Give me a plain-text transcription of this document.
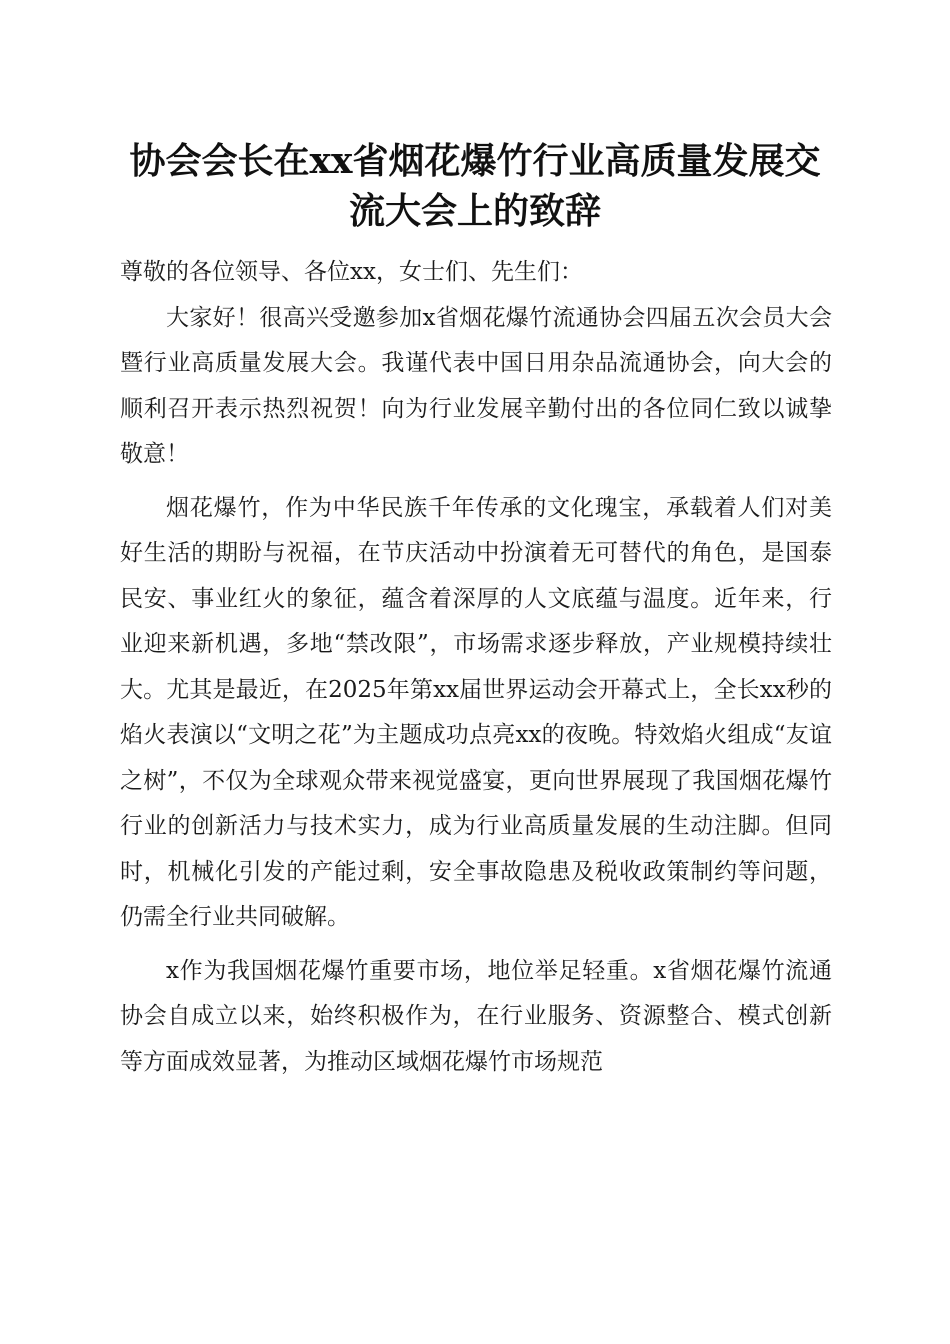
协会会长在xx省烟花爆竹行业高质量发展交
流大会上的致辞

尊敬的各位领导、各位xx，女士们、先生们：

大家好！很高兴受邀参加x省烟花爆竹流通协会四届五次会员大会暨行业高质量发展大会。我谨代表中国日用杂品流通协会，向大会的顺利召开表示热烈祝贺！向为行业发展辛勤付出的各位同仁致以诚挚敬意！

烟花爆竹，作为中华民族千年传承的文化瑰宝，承载着人们对美好生活的期盼与祝福，在节庆活动中扮演着无可替代的角色，是国泰民安、事业红火的象征，蕴含着深厚的人文底蕴与温度。近年来，行业迎来新机遇，多地“禁改限”，市场需求逐步释放，产业规模持续壮大。尤其是最近，在2025年第xx届世界运动会开幕式上，全长xx秒的焰火表演以“文明之花”为主题成功点亮xx的夜晚。特效焰火组成“友谊之树”，不仅为全球观众带来视觉盛宴，更向世界展现了我国烟花爆竹行业的创新活力与技术实力，成为行业高质量发展的生动注脚。但同时，机械化引发的产能过剩，安全事故隐患及税收政策制约等问题，仍需全行业共同破解。

x作为我国烟花爆竹重要市场，地位举足轻重。x省烟花爆竹流通协会自成立以来，始终积极作为，在行业服务、资源整合、模式创新等方面成效显著，为推动区域烟花爆竹市场规范
